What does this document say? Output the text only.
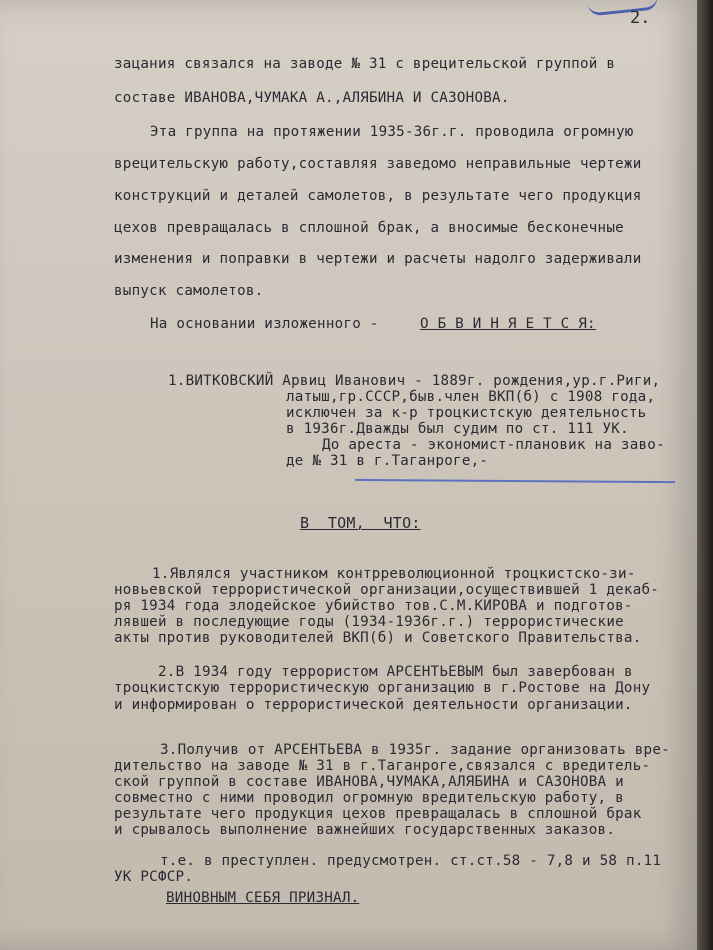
2.
зацания связался на заводе № 31 с врецительской группой в
составе ИВАНОВА,ЧУМАКА А.,АЛЯБИНА И САЗОНОВА.
Эта группа на протяжении 1935-36г.г. проводила огромную
врецительскую работу,составляя заведомо неправильные чертежи
конструкций и деталей самолетов, в результате чего продукция
цехов превращалась в сплошной брак, а вносимые бесконечные
изменения и поправки в чертежи и расчеты надолго задерживали
выпуск самолетов.
На основании изложенного -	О Б В И Н Я Е Т С Я:
1.ВИТКОВСКИЙ Арвиц Иванович - 1889г. рождения,ур.г.Риги,
латыш,гр.СССР,быв.член ВКП(б) с 1908 года,
исключен за к-р троцкистскую деятельность
в 1936г.Дважды был судим по ст. 111 УК.
До ареста - экономист-плановик на заво-
де № 31 в г.Таганроге,-
В  ТОМ,  ЧТО:
1.Являлся участником контрреволюционной троцкистско-зи-
новьевской террористической организации,осуществившей 1 декаб-
ря 1934 года злодейское убийство тов.С.М.КИРОВА и подготов-
лявшей в последующие годы (1934-1936г.г.) террористические
акты против руководителей ВКП(б) и Советского Правительства.
2.В 1934 году террористом АРСЕНТЬЕВЫМ был завербован в
троцкистскую террористическую организацию в г.Ростове на Дону
и информирован о террористической деятельности организации.
3.Получив от АРСЕНТЬЕВА в 1935г. задание организовать вре-
дительство на заводе № 31 в г.Таганроге,связался с вредитель-
ской группой в составе ИВАНОВА,ЧУМАКА,АЛЯБИНА и САЗОНОВА и
совместно с ними проводил огромную вредительскую работу, в
результате чего продукция цехов превращалась в сплошной брак
и срывалось выполнение важнейших государственных заказов.
т.е. в преступлен. предусмотрен. ст.ст.58 - 7,8 и 58 п.11
УК РСФСР.
ВИНОВНЫМ СЕБЯ ПРИЗНАЛ.
